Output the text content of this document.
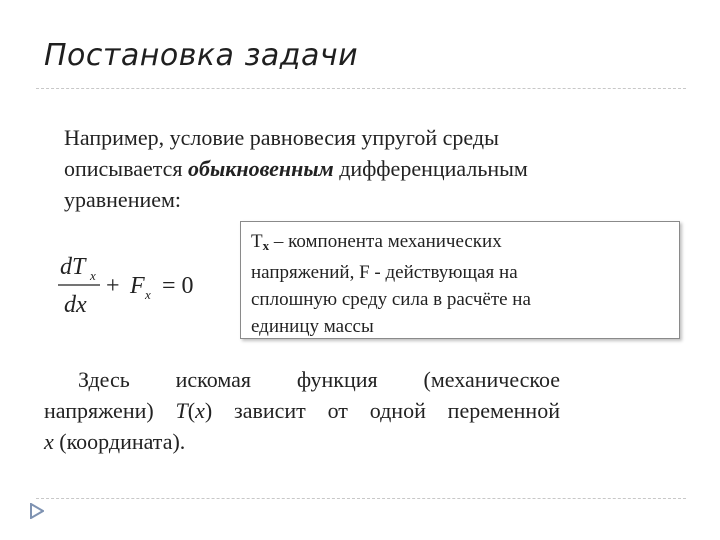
Постановка задачи
Например, условие равновесия упругой среды
описывается обыкновенным дифференциальным
уравнением:
dT x
dx
+ F x = 0
$T_x$ – компонента механических
напряжений, F - действующая на
сплошную среду сила в расчёте на
единицу массы
Здесь искомая функция (механическое
напряжени) T(x) зависит от одной переменной
x (координата).
